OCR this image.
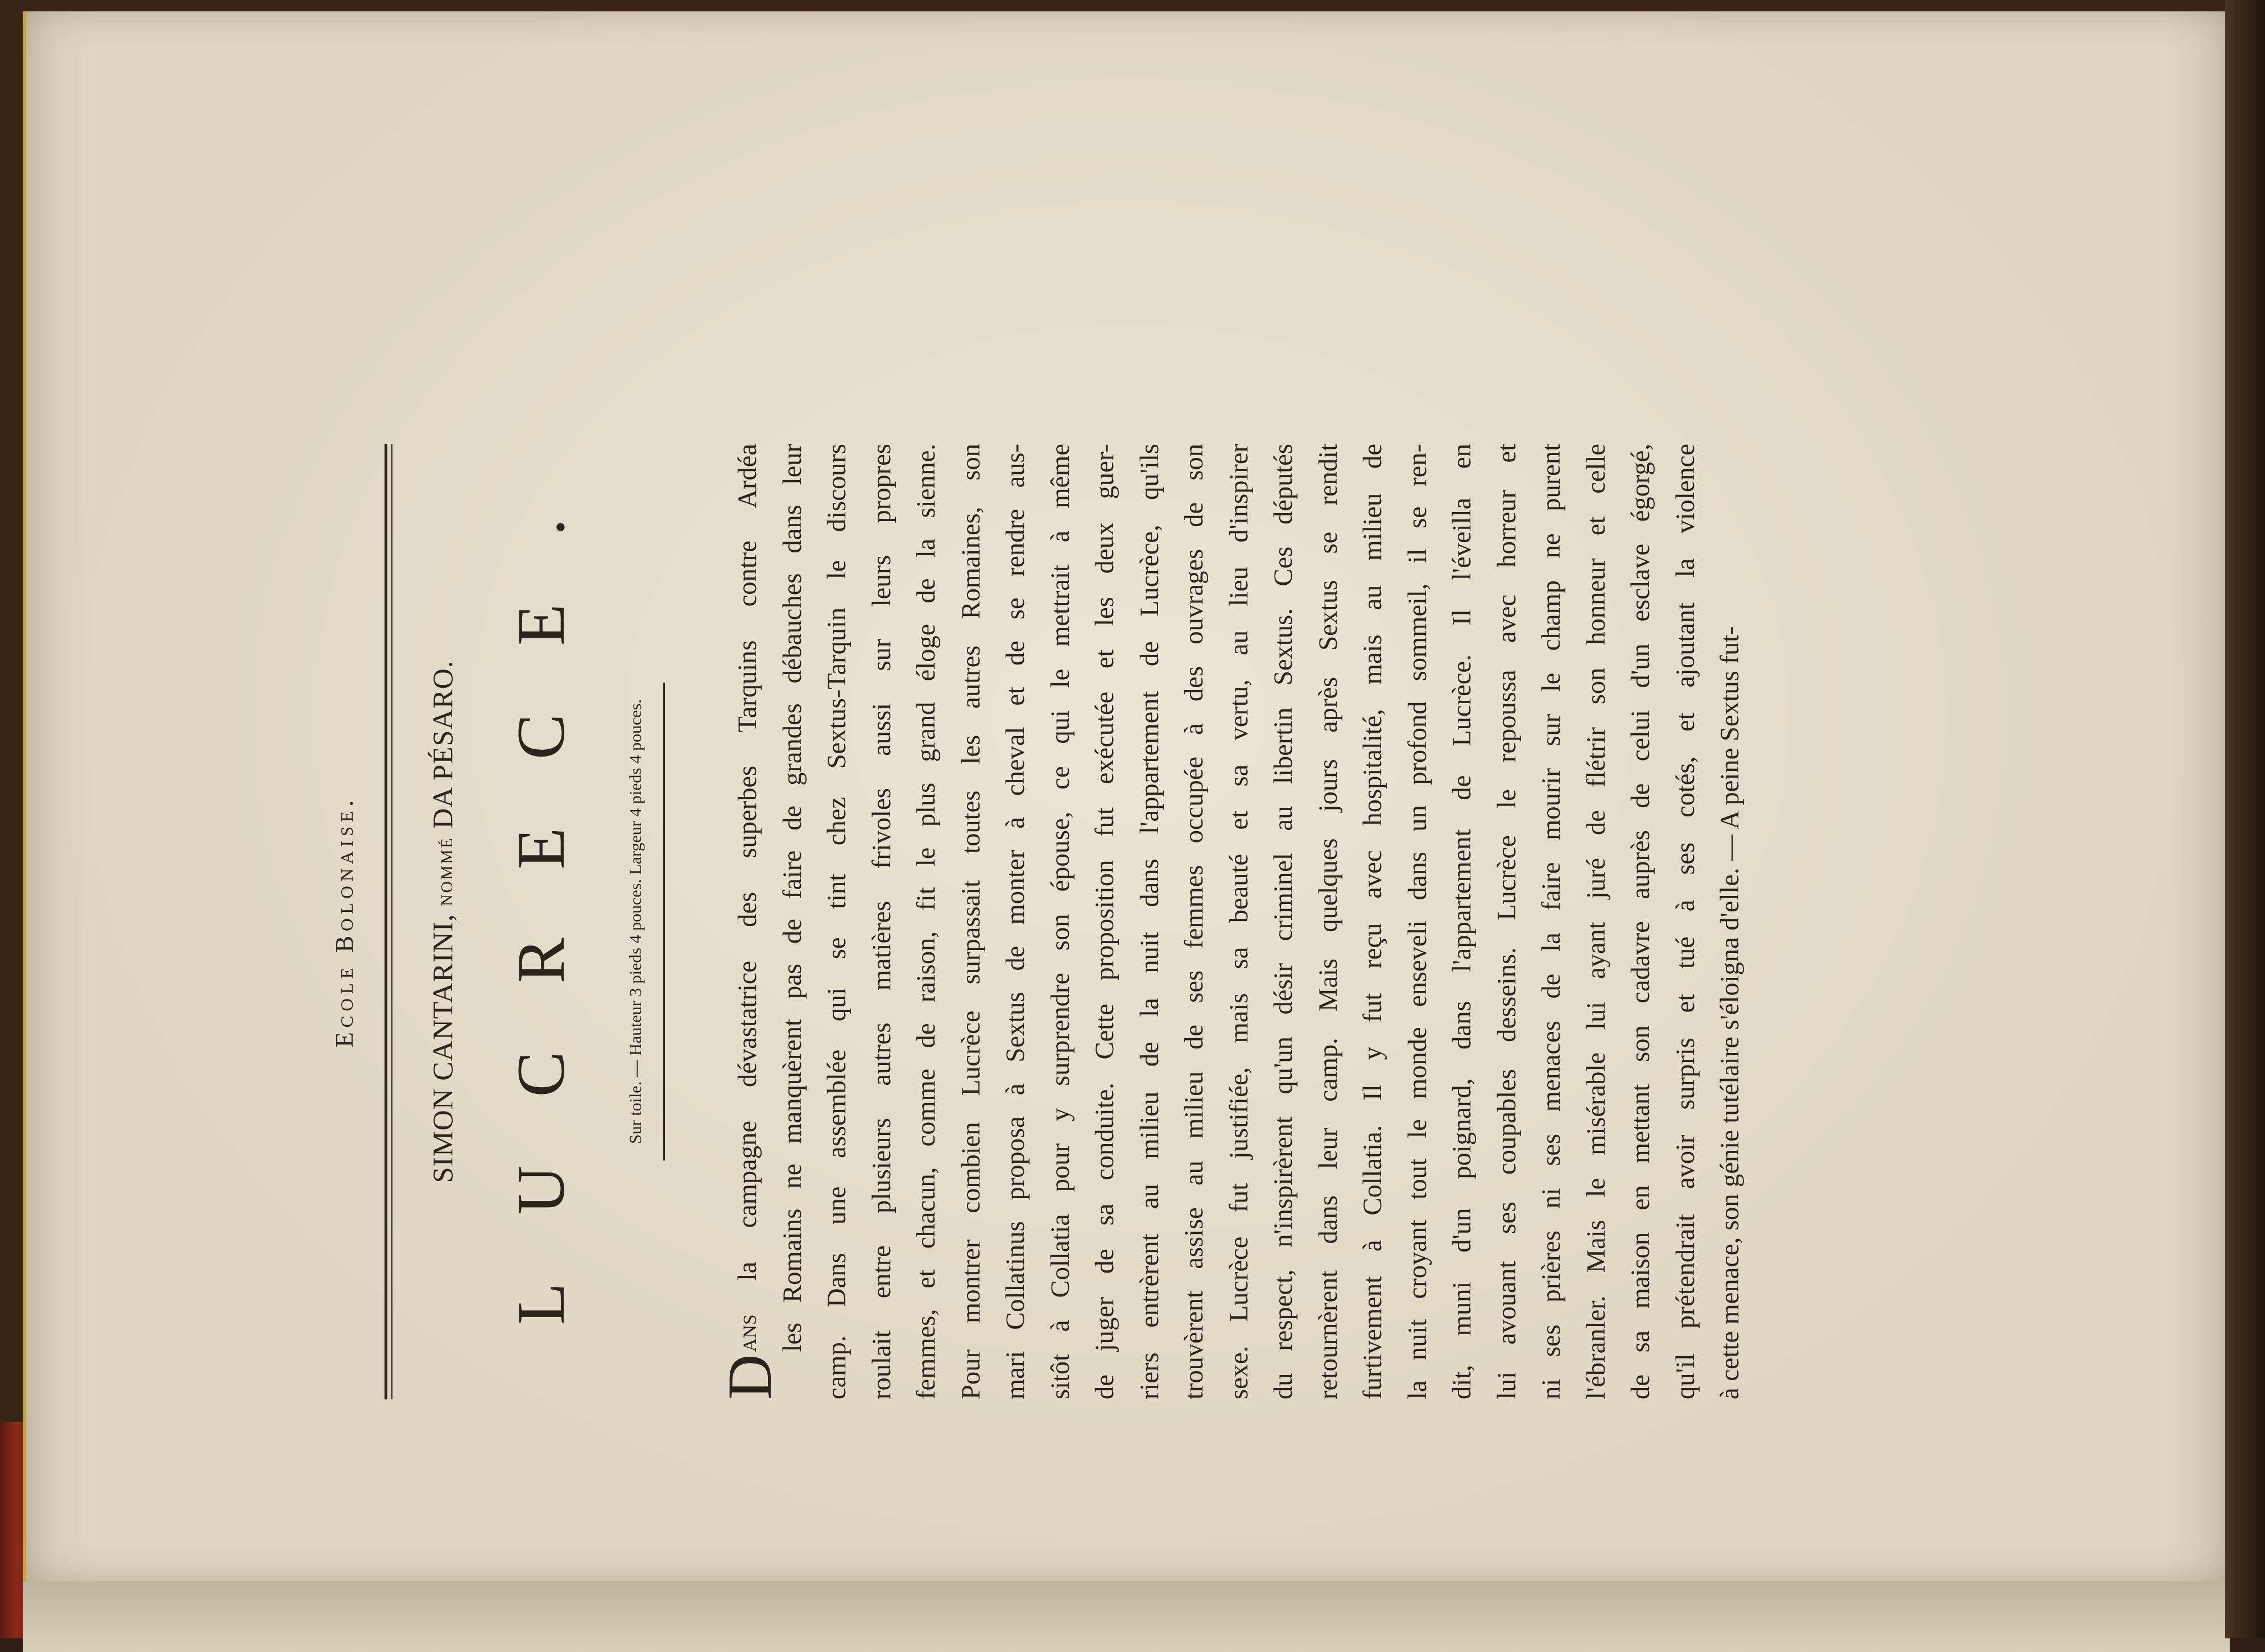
Ecole Bolonaise. SIMON CANTARINI, nommé DA PÉSARO. LUCRECE.	Sur toile. — Hauteur 3 pieds 4 pouces. Largeur 4 pieds 4 pouces.
D
ans la campagne dévastatrice des superbes Tarquins contre Ardéa les Romains ne manquèrent pas de faire de grandes débauches dans leur camp. Dans une assemblée qui se tint chez Sextus-Tarquin le discours roulait entre plusieurs autres matières frivoles aussi sur leurs propres femmes, et chacun, comme de raison, fit le plus grand éloge de la sienne. Pour montrer combien Lucrèce surpassait toutes les autres Romaines, son mari Collatinus proposa à Sextus de monter à cheval et de se rendre aus- sitôt à Collatia pour y surprendre son épouse, ce qui le mettrait à même de juger de sa conduite. Cette proposition fut exécutée et les deux guer- riers entrèrent au milieu de la nuit dans l'appartement de Lucrèce, qu'ils trouvèrent assise au milieu de ses femmes occupée à des ouvrages de son sexe. Lucrèce fut justifiée, mais sa beauté et sa vertu, au lieu d'inspirer du respect, n'inspirèrent qu'un désir criminel au libertin Sextus. Ces députés retournèrent dans leur camp. Mais quelques jours après Sextus se rendit furtivement à Collatia. Il y fut reçu avec hospitalité, mais au milieu de la nuit croyant tout le monde enseveli dans un profond sommeil, il se ren- dit, muni d'un poignard, dans l'appartement de Lucrèce. Il l'éveilla en lui avouant ses coupables desseins. Lucrèce le repoussa avec horreur et ni ses prières ni ses menaces de la faire mourir sur le champ ne purent l'ébranler. Mais le misérable lui ayant juré de flétrir son honneur et celle de sa maison en mettant son cadavre auprès de celui d'un esclave égorgé, qu'il prétendrait avoir surpris et tué à ses cotés, et ajoutant la violence à cette menace, son génie tutélaire s'éloigna d'elle. — A peine Sextus fut-
